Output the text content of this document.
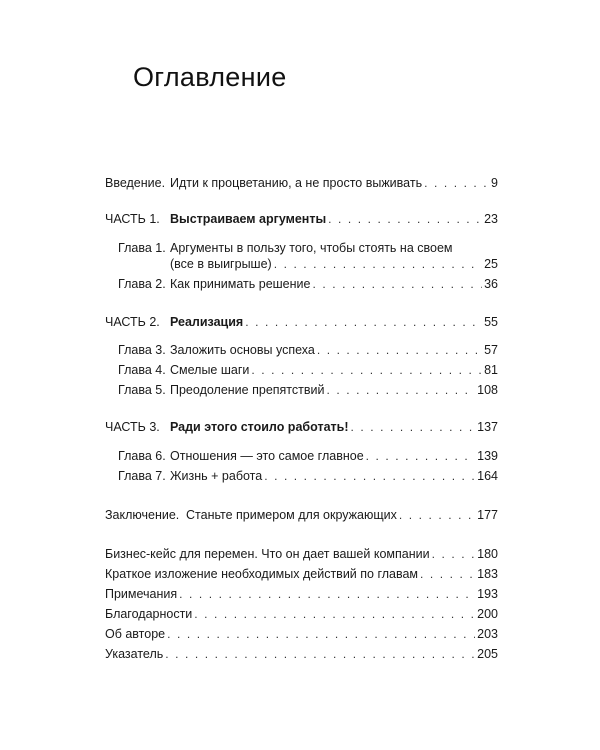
Оглавление
Введение. Идти к процветанию, а не просто выживать . . .	9
ЧАСТЬ 1. Выстраиваем аргументы . . .	23
Глава 1. Аргументы в пользу того, чтобы стоять на своем
(все в выигрыше) . . .	25
Глава 2. Как принимать решение . . .	36
ЧАСТЬ 2. Реализация . . .	55
Глава 3. Заложить основы успеха . . .	57
Глава 4. Смелые шаги . . .	81
Глава 5. Преодоление препятствий . . .	108
ЧАСТЬ 3. Ради этого стоило работать! . . .	137
Глава 6. Отношения — это самое главное . . .	139
Глава 7. Жизнь + работа . . .	164
Заключение. Станьте примером для окружающих . . .	177
Бизнес-кейс для перемен. Что он дает вашей компании . . .	180
Краткое изложение необходимых действий по главам . . .	183
Примечания . . .	193
Благодарности . . .	200
Об авторе . . .	203
Указатель . . .	205
